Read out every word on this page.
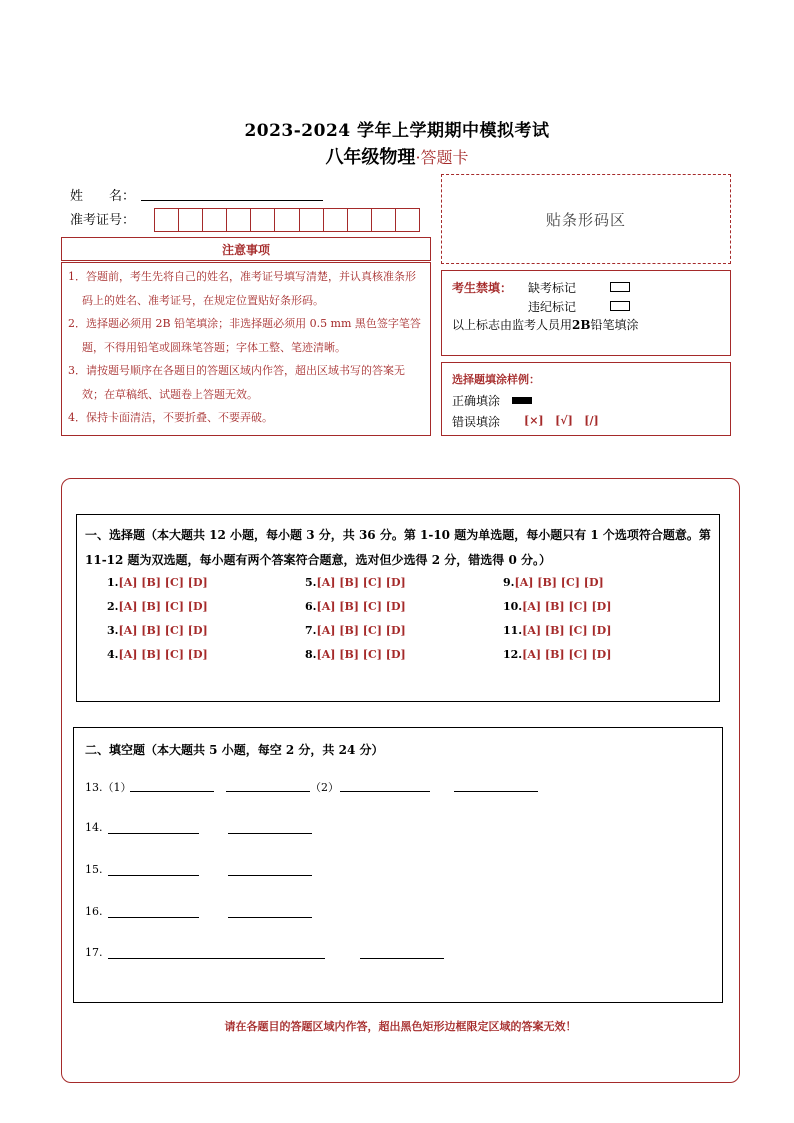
2023-2024 学年上学期期中模拟考试
八年级物理·答题卡
姓　　名：
准考证号：	贴条形码区
注意事项

1．答题前，考生先将自己的姓名，准考证号填写清楚，并认真核准条形码上的姓名、准考证号，在规定位置贴好条形码。

2．选择题必须用 2B 铅笔填涂；非选择题必须用 0.5 mm 黑色签字笔答题，不得用铅笔或圆珠笔答题；字体工整、笔迹清晰。

3．请按题号顺序在各题目的答题区域内作答，超出区域书写的答案无效；在草稿纸、试题卷上答题无效。

4．保持卡面清洁，不要折叠、不要弄破。

考生禁填： 缺考标记
违纪标记
以上标志由监考人员用2B铅笔填涂
选择题填涂样例：
正确填涂
错误填涂 [×] [√] [/]
一、选择题（本大题共 12 小题，每小题 3 分，共 36 分。第 1-10 题为单选题，每小题只有 1 个选项符合题意。第 11-12 题为双选题，每小题有两个答案符合题意，选对但少选得 2 分，错选得 0 分。）
1.[A] [B] [C] [D]
2.[A] [B] [C] [D]
3.[A] [B] [C] [D]
4.[A] [B] [C] [D]
5.[A] [B] [C] [D]
6.[A] [B] [C] [D]
7.[A] [B] [C] [D]
8.[A] [B] [C] [D]
9.[A] [B] [C] [D]
10.[A] [B] [C] [D]
11.[A] [B] [C] [D]
12.[A] [B] [C] [D]
二、填空题（本大题共 5 小题，每空 2 分，共 24 分）
13.（1）	（2）
14.
15.
16.
17.
请在各题目的答题区域内作答，超出黑色矩形边框限定区域的答案无效！
